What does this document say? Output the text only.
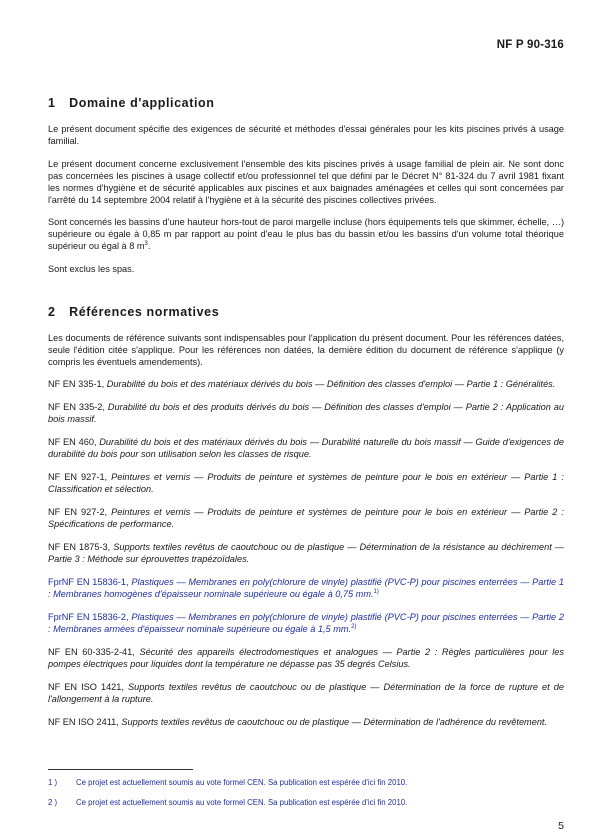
NF P 90-316
1 Domaine d'application

Le présent document spécifie des exigences de sécurité et méthodes d'essai générales pour les kits piscines privés à usage familial.

Le présent document concerne exclusivement l'ensemble des kits piscines privés à usage familial de plein air. Ne sont donc pas concernées les piscines à usage collectif et/ou professionnel tel que défini par le Décret N° 81-324 du 7 avril 1981 fixant les normes d'hygiène et de sécurité applicables aux piscines et aux baignades aménagées et celles qui sont concernées par l'arrêté du 14 septembre 2004 relatif à l'hygiène et à la sécurité des piscines collectives privées.

Sont concernés les bassins d'une hauteur hors-tout de paroi margelle incluse (hors équipements tels que skimmer, échelle, …) supérieure ou égale à 0,85 m par rapport au point d'eau le plus bas du bassin et/ou les bassins d'un volume total théorique supérieur ou égal à 8 $m^3$.

Sont exclus les spas.

2 Références normatives

Les documents de référence suivants sont indispensables pour l'application du présent document. Pour les références datées, seule l'édition citée s'applique. Pour les références non datées, la dernière édition du document de référence s'applique (y compris les éventuels amendements).

NF EN 335-1, Durabilité du bois et des matériaux dérivés du bois — Définition des classes d'emploi — Partie 1 : Généralités.

NF EN 335-2, Durabilité du bois et des produits dérivés du bois — Définition des classes d'emploi — Partie 2 : Application au bois massif.

NF EN 460, Durabilité du bois et des matériaux dérivés du bois — Durabilité naturelle du bois massif — Guide d'exigences de durabilité du bois pour son utilisation selon les classes de risque.

NF EN 927-1, Peintures et vernis — Produits de peinture et systèmes de peinture pour le bois en extérieur — Partie 1 : Classification et sélection.

NF EN 927-2, Peintures et vernis — Produits de peinture et systèmes de peinture pour le bois en extérieur — Partie 2 : Spécifications de performance.

NF EN 1875-3, Supports textiles revêtus de caoutchouc ou de plastique — Détermination de la résistance au déchirement — Partie 3 : Méthode sur éprouvettes trapézoïdales.

FprNF EN 15836-1, Plastiques — Membranes en poly(chlorure de vinyle) plastifié (PVC-P) pour piscines enterrées — Partie 1 : Membranes homogènes d'épaisseur nominale supérieure ou égale à 0,75 mm.$^{1)}$

FprNF EN 15836-2, Plastiques — Membranes en poly(chlorure de vinyle) plastifié (PVC-P) pour piscines enterrées — Partie 2 : Membranes armées d'épaisseur nominale supérieure ou égale à 1,5 mm.$^{2)}$

NF EN 60-335-2-41, Sécurité des appareils électrodomestiques et analogues — Partie 2 : Règles particulières pour les pompes électriques pour liquides dont la température ne dépasse pas 35 degrés Celsius.

NF EN ISO 1421, Supports textiles revêtus de caoutchouc ou de plastique — Détermination de la force de rupture et de l'allongement à la rupture.

NF EN ISO 2411, Supports textiles revêtus de caoutchouc ou de plastique — Détermination de l'adhérence du revêtement.

1 ) Ce projet est actuellement soumis au vote formel CEN. Sa publication est espérée d'ici fin 2010.
2 ) Ce projet est actuellement soumis au vote formel CEN. Sa publication est espérée d'ici fin 2010.
5
